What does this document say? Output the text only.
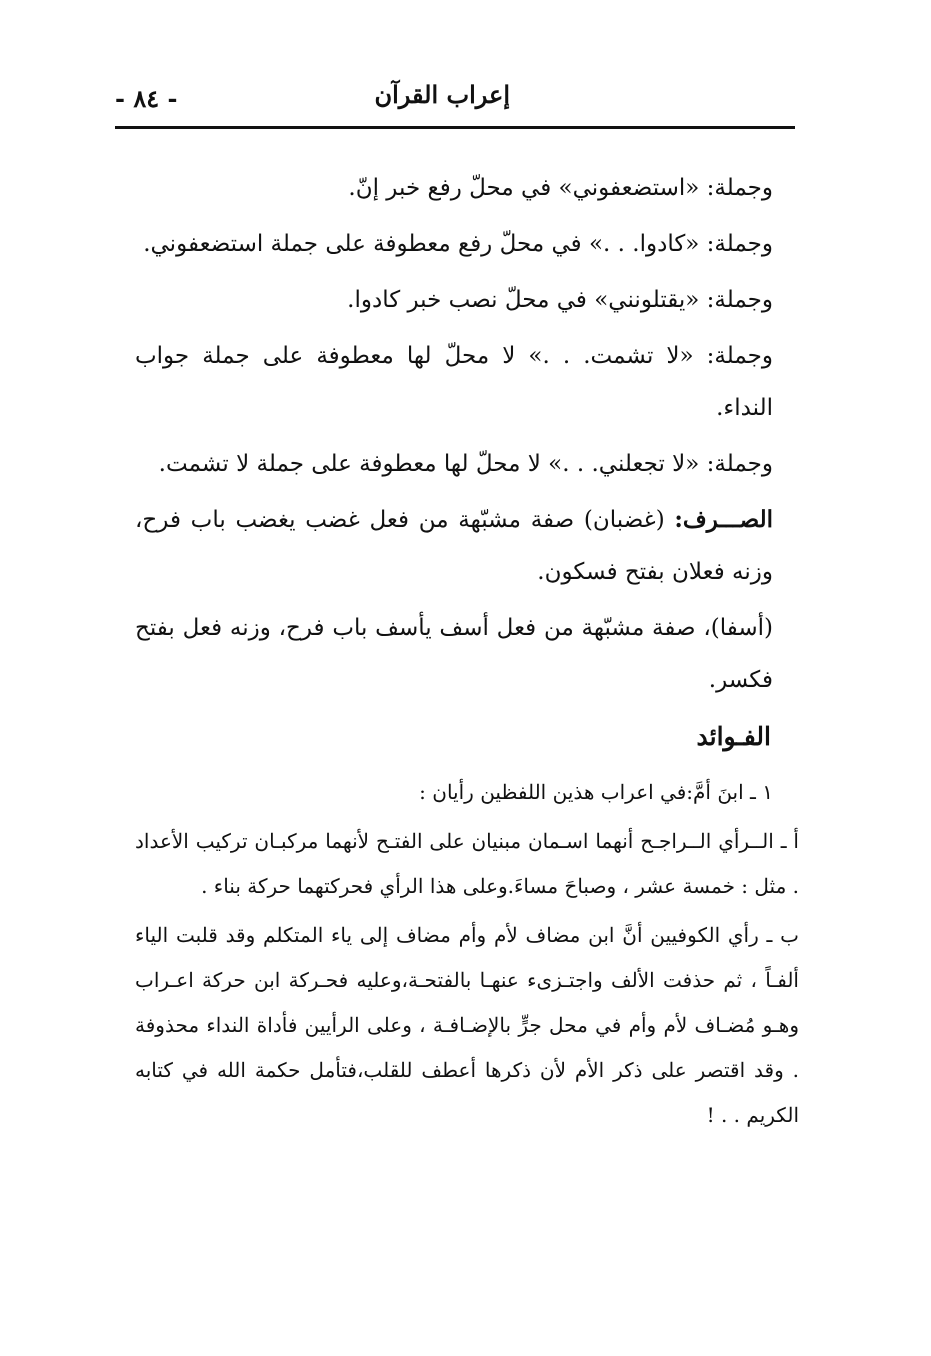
إعراب القرآن
- ٨٤ -

وجملة: «استضعفوني» في محلّ رفع خبر إنّ.

وجملة: «كادوا. . .» في محلّ رفع معطوفة على جملة استضعفوني.

وجملة: «يقتلونني» في محلّ نصب خبر كادوا.

وجملة: «لا تشمت. . .» لا محلّ لها معطوفة على جملة جواب النداء.

وجملة: «لا تجعلني. . .» لا محلّ لها معطوفة على جملة لا تشمت.

الصـــرف: (غضبان) صفة مشبّهة من فعل غضب يغضب باب فرح، وزنه فعلان بفتح فسكون.

(أسفا)، صفة مشبّهة من فعل أسف يأسف باب فرح، وزنه فعل بفتح فكسر.

الفـوائد

١ ـ ابنَ أمَّ:في اعراب هذين اللفظين رأيان :

أ ـ الــرأي الــراجـح أنهما اسـمان مبنيان على الفتـح لأنهما مركبـان تركيب الأعداد . مثل : خمسة عشر ، وصباحَ مساءَ.وعلى هذا الرأي فحركتهما حركة بناء .

ب ـ رأي الكوفيين أنَّ ابن مضاف لأم وأم مضاف إلى ياء المتكلم وقد قلبت الياء ألفـاً ، ثم حذفت الألف واجتـزىء عنهـا بالفتحـة،وعليه فحـركة ابن حركة اعـراب وهـو مُضـاف لأم وأم في محل جرٍّ بالإضـافـة ، وعلى الرأيين فأداة النداء محذوفة . وقد اقتصر على ذكر الأم لأن ذكرها أعطف للقلب،فتأمل حكمة الله في كتابه الكريم . . !
